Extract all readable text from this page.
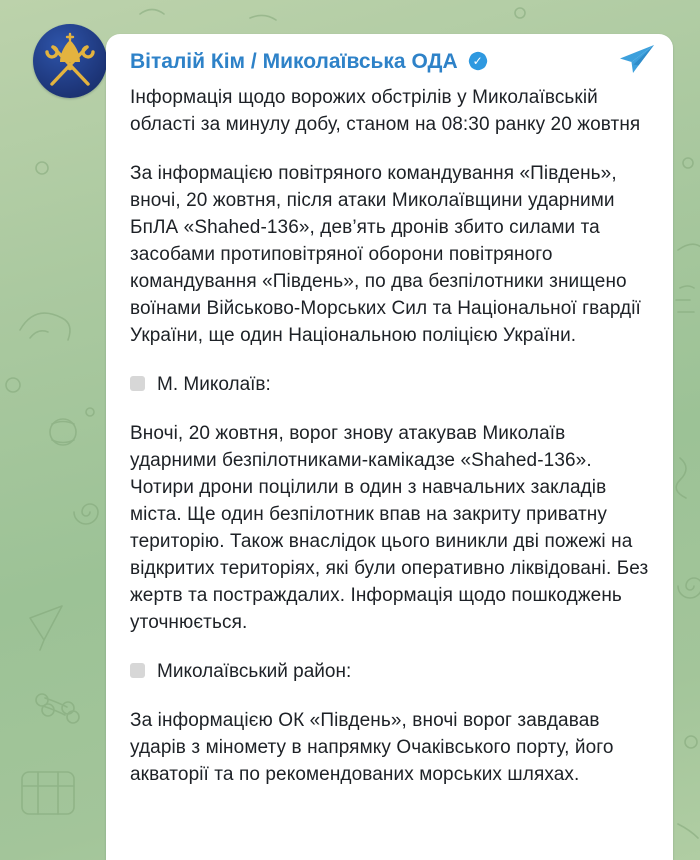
Віталій Кім / Миколаївська ОДА	✓
Інформація щодо ворожих обстрілів у Миколаївській області за минулу добу, станом на 08:30 ранку 20 жовтня
За інформацією повітряного командування «Південь», вночі, 20 жовтня, після атаки Миколаївщини ударними БпЛА «Shahed-136», дев’ять дронів збито силами та засобами протиповітряної оборони повітряного командування «Південь», по два безпілотники знищено воїнами Військово-Морських Сил та Національної гвардії України, ще один Національною поліцією України.
М. Миколаїв:
Вночі, 20 жовтня, ворог знову атакував Миколаїв ударними безпілотниками-камікадзе «Shahed-136». Чотири дрони поцілили в один з навчальних закладів міста. Ще один безпілотник впав на закриту приватну територію. Також внаслідок цього виникли дві пожежі на відкритих територіях, які були оперативно ліквідовані. Без жертв та постраждалих. Інформація щодо пошкоджень уточнюється.
Миколаївський район:
За інформацією ОК «Південь», вночі ворог завдавав ударів з міномету в напрямку Очаківського порту, його акваторії та по рекомендованих морських шляхах.
